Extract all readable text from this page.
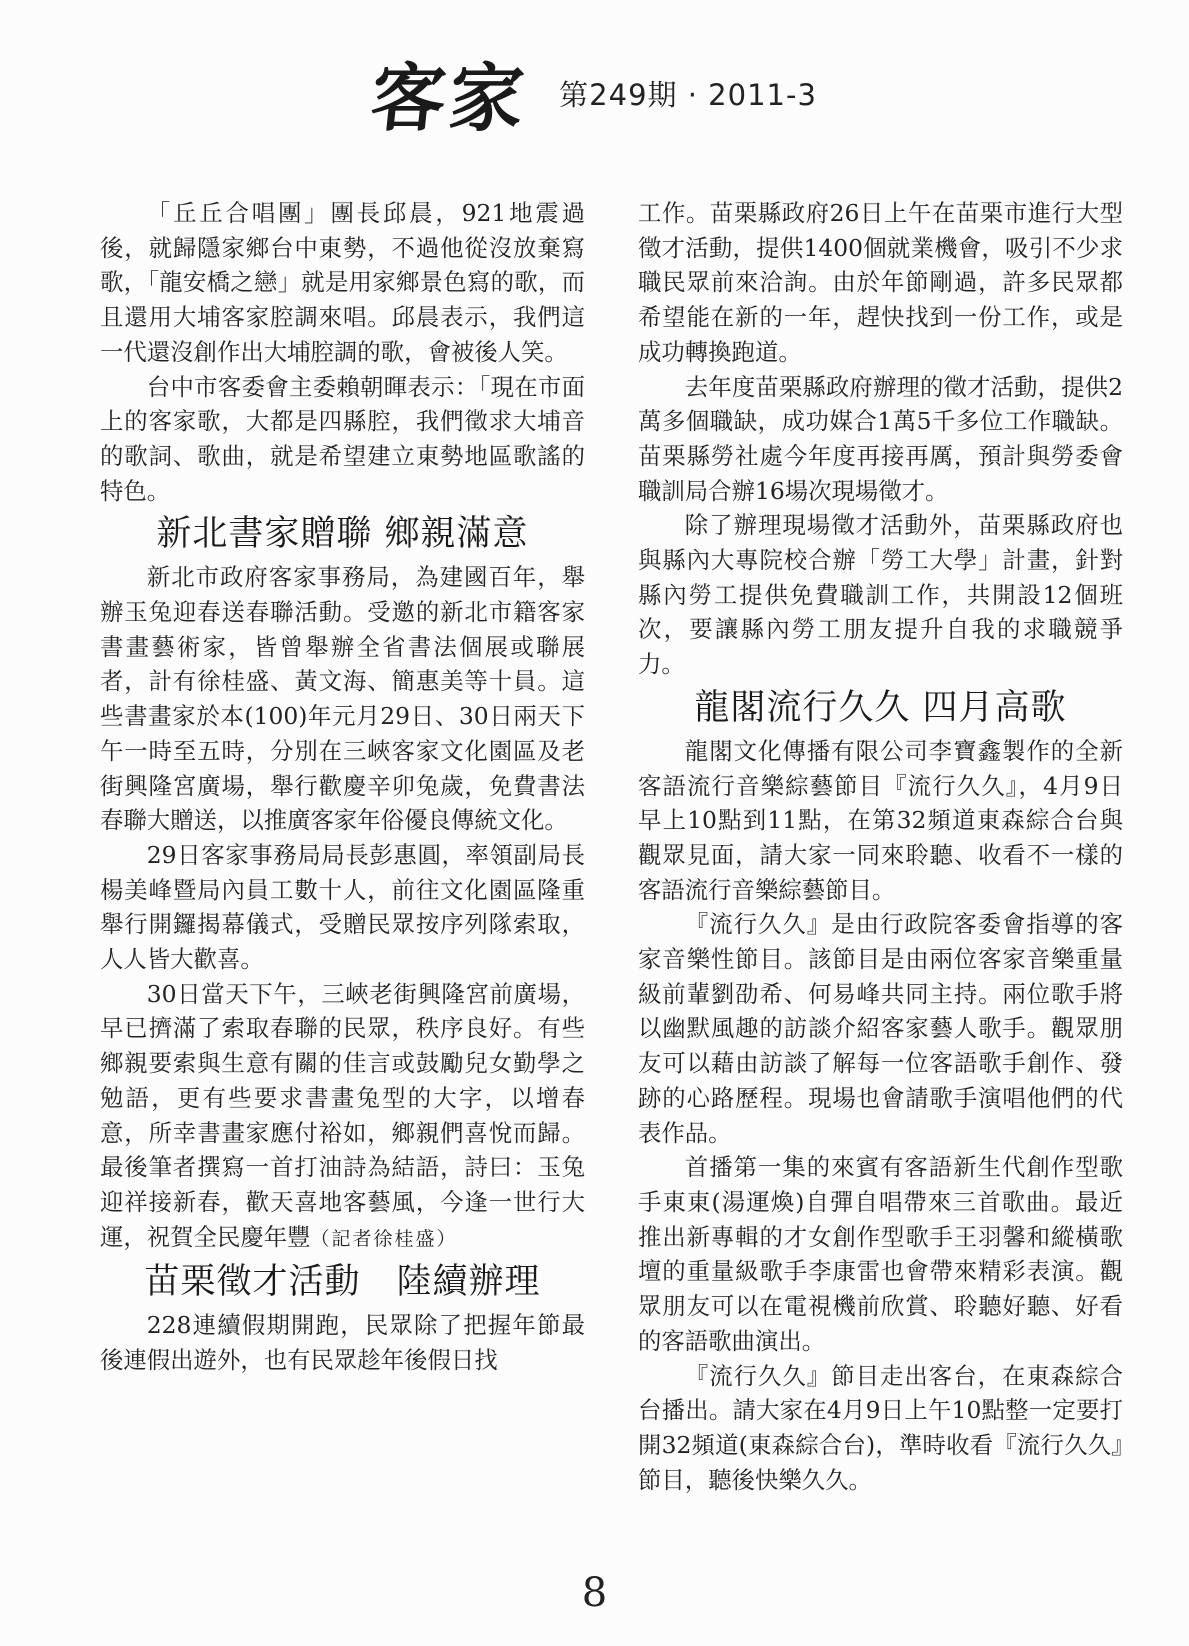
客家 第249期 · 2011-3

「丘丘合唱團」團長邱晨，921地震過後，就歸隱家鄉台中東勢，不過他從沒放棄寫歌，「龍安橋之戀」就是用家鄉景色寫的歌，而且還用大埔客家腔調來唱。邱晨表示，我們這一代還沒創作出大埔腔調的歌，會被後人笑。

台中市客委會主委賴朝暉表示：「現在市面上的客家歌，大都是四縣腔，我們徵求大埔音的歌詞、歌曲，就是希望建立東勢地區歌謠的特色。

新北書家贈聯 鄉親滿意

新北市政府客家事務局，為建國百年，舉辦玉兔迎春送春聯活動。受邀的新北市籍客家書畫藝術家，皆曾舉辦全省書法個展或聯展者，計有徐桂盛、黃文海、簡惠美等十員。這些書畫家於本(100)年元月29日、30日兩天下午一時至五時，分別在三峽客家文化園區及老街興隆宮廣場，舉行歡慶辛卯兔歲，免費書法春聯大贈送，以推廣客家年俗優良傳統文化。

29日客家事務局局長彭惠圓，率領副局長楊美峰暨局內員工數十人，前往文化園區隆重舉行開鑼揭幕儀式，受贈民眾按序列隊索取，人人皆大歡喜。

30日當天下午，三峽老街興隆宮前廣場，早已擠滿了索取春聯的民眾，秩序良好。有些鄉親要索與生意有關的佳言或鼓勵兒女勤學之勉語，更有些要求書畫兔型的大字，以增春意，所幸書畫家應付裕如，鄉親們喜悅而歸。最後筆者撰寫一首打油詩為結語，詩曰：玉兔迎祥接新春，歡天喜地客藝風，今逢一世行大運，祝賀全民慶年豐（記者徐桂盛）

苗栗徵才活動　陸續辦理

228連續假期開跑，民眾除了把握年節最後連假出遊外，也有民眾趁年後假日找

工作。苗栗縣政府26日上午在苗栗市進行大型徵才活動，提供1400個就業機會，吸引不少求職民眾前來洽詢。由於年節剛過，許多民眾都希望能在新的一年，趕快找到一份工作，或是成功轉換跑道。

去年度苗栗縣政府辦理的徵才活動，提供2萬多個職缺，成功媒合1萬5千多位工作職缺。苗栗縣勞社處今年度再接再厲，預計與勞委會職訓局合辦16場次現場徵才。

除了辦理現場徵才活動外，苗栗縣政府也與縣內大專院校合辦「勞工大學」計畫，針對縣內勞工提供免費職訓工作，共開設12個班次，要讓縣內勞工朋友提升自我的求職競爭力。

龍閣流行久久 四月高歌

龍閣文化傳播有限公司李寶鑫製作的全新客語流行音樂綜藝節目『流行久久』，4月9日早上10點到11點，在第32頻道東森綜合台與觀眾見面，請大家一同來聆聽、收看不一樣的客語流行音樂綜藝節目。

『流行久久』是由行政院客委會指導的客家音樂性節目。該節目是由兩位客家音樂重量級前輩劉劭希、何易峰共同主持。兩位歌手將以幽默風趣的訪談介紹客家藝人歌手。觀眾朋友可以藉由訪談了解每一位客語歌手創作、發跡的心路歷程。現場也會請歌手演唱他們的代表作品。

首播第一集的來賓有客語新生代創作型歌手東東(湯運煥)自彈自唱帶來三首歌曲。最近推出新專輯的才女創作型歌手王羽馨和縱橫歌壇的重量級歌手李康雷也會帶來精彩表演。觀眾朋友可以在電視機前欣賞、聆聽好聽、好看的客語歌曲演出。

『流行久久』節目走出客台，在東森綜合台播出。請大家在4月9日上午10點整一定要打開32頻道(東森綜合台)，準時收看『流行久久』節目，聽後快樂久久。

8
